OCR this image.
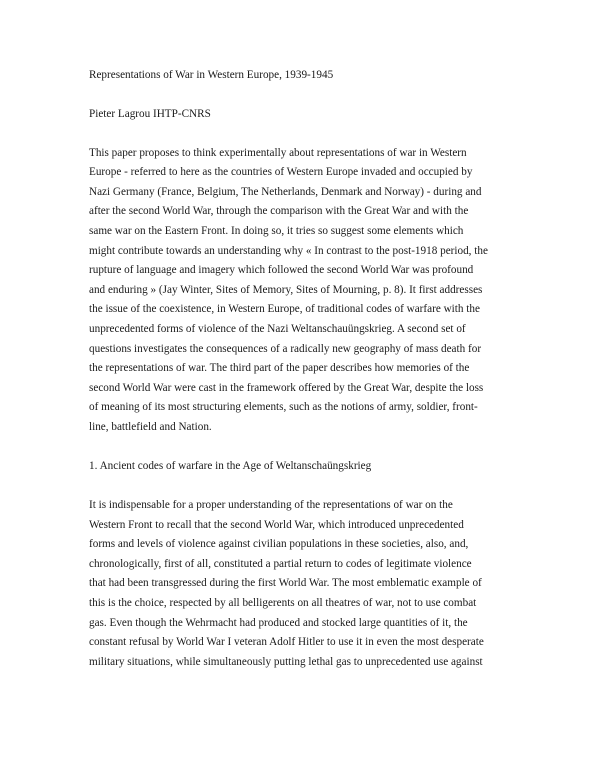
Representations of War in Western Europe, 1939-1945
Pieter Lagrou IHTP-CNRS
This paper proposes to think experimentally about representations of war in Western
Europe - referred to here as the countries of Western Europe invaded and occupied by
Nazi Germany (France, Belgium, The Netherlands, Denmark and Norway) - during and
after the second World War, through the comparison with the Great War and with the
same war on the Eastern Front. In doing so, it tries so suggest some elements which
might contribute towards an understanding why « In contrast to the post-1918 period, the
rupture of language and imagery which followed the second World War was profound
and enduring » (Jay Winter, Sites of Memory, Sites of Mourning, p. 8). It first addresses
the issue of the coexistence, in Western Europe, of traditional codes of warfare with the
unprecedented forms of violence of the Nazi Weltanschauüngskrieg. A second set of
questions investigates the consequences of a radically new geography of mass death for
the representations of war. The third part of the paper describes how memories of the
second World War were cast in the framework offered by the Great War, despite the loss
of meaning of its most structuring elements, such as the notions of army, soldier, front-
line, battlefield and Nation.
1. Ancient codes of warfare in the Age of Weltanschaüngskrieg
It is indispensable for a proper understanding of the representations of war on the
Western Front to recall that the second World War, which introduced unprecedented
forms and levels of violence against civilian populations in these societies, also, and,
chronologically, first of all, constituted a partial return to codes of legitimate violence
that had been transgressed during the first World War. The most emblematic example of
this is the choice, respected by all belligerents on all theatres of war, not to use combat
gas. Even though the Wehrmacht had produced and stocked large quantities of it, the
constant refusal by World War I veteran Adolf Hitler to use it in even the most desperate
military situations, while simultaneously putting lethal gas to unprecedented use against
